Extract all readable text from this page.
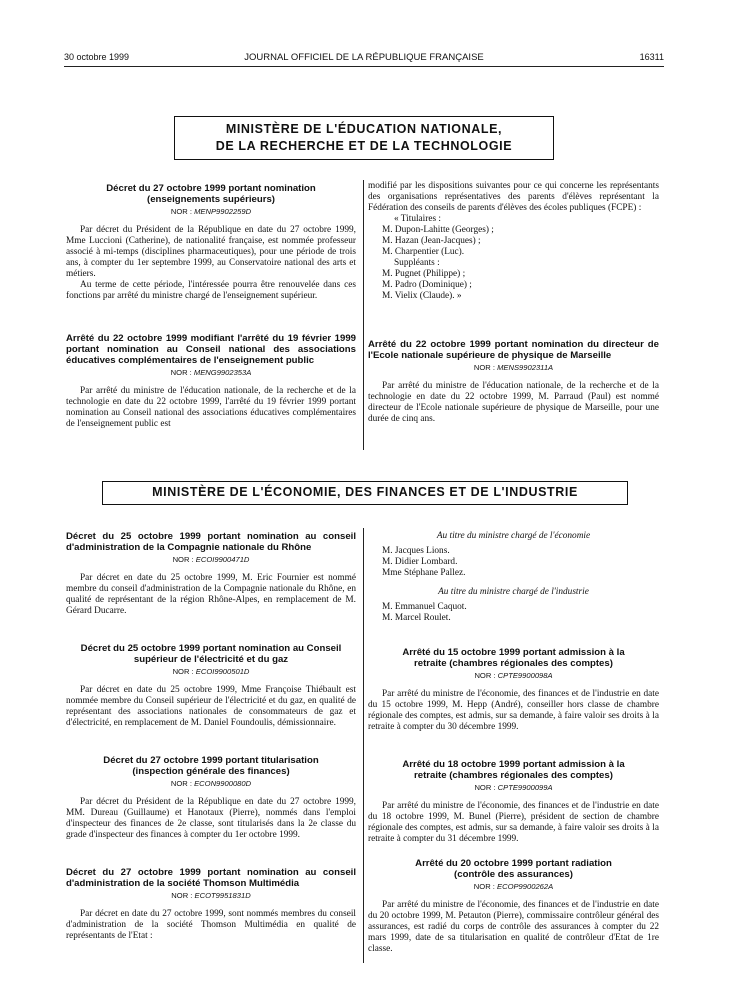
30 octobre 1999	JOURNAL OFFICIEL DE LA RÉPUBLIQUE FRANÇAISE	16311
MINISTÈRE DE L'ÉDUCATION NATIONALE,
DE LA RECHERCHE ET DE LA TECHNOLOGIE
Décret du 27 octobre 1999 portant nomination (enseignements supérieurs)
NOR : MENP9902259D
Par décret du Président de la République en date du 27 octobre 1999, Mme Luccioni (Catherine), de nationalité française, est nommée professeur associé à mi-temps (disciplines pharmaceutiques), pour une période de trois ans, à compter du 1er septembre 1999, au Conservatoire national des arts et métiers.
Au terme de cette période, l'intéressée pourra être renouvelée dans ces fonctions par arrêté du ministre chargé de l'enseignement supérieur.
Arrêté du 22 octobre 1999 modifiant l'arrêté du 19 février 1999 portant nomination au Conseil national des associations éducatives complémentaires de l'enseignement public
NOR : MENG9902353A
Par arrêté du ministre de l'éducation nationale, de la recherche et de la technologie en date du 22 octobre 1999, l'arrêté du 19 février 1999 portant nomination au Conseil national des associations éducatives complémentaires de l'enseignement public est
modifié par les dispositions suivantes pour ce qui concerne les représentants des organisations représentatives des parents d'élèves représentant la Fédération des conseils de parents d'élèves des écoles publiques (FCPE) :
« Titulaires :
M. Dupon-Lahitte (Georges) ;
M. Hazan (Jean-Jacques) ;
M. Charpentier (Luc).
Suppléants :
M. Pugnet (Philippe) ;
M. Padro (Dominique) ;
M. Vielix (Claude). »
Arrêté du 22 octobre 1999 portant nomination du directeur de l'Ecole nationale supérieure de physique de Marseille
NOR : MENS9902311A
Par arrêté du ministre de l'éducation nationale, de la recherche et de la technologie en date du 22 octobre 1999, M. Parraud (Paul) est nommé directeur de l'Ecole nationale supérieure de physique de Marseille, pour une durée de cinq ans.
MINISTÈRE DE L'ÉCONOMIE, DES FINANCES ET DE L'INDUSTRIE
Décret du 25 octobre 1999 portant nomination au conseil d'administration de la Compagnie nationale du Rhône
NOR : ECOI9900471D
Par décret en date du 25 octobre 1999, M. Eric Fournier est nommé membre du conseil d'administration de la Compagnie nationale du Rhône, en qualité de représentant de la région Rhône-Alpes, en remplacement de M. Gérard Ducarre.
Décret du 25 octobre 1999 portant nomination au Conseil supérieur de l'électricité et du gaz
NOR : ECOI9900501D
Par décret en date du 25 octobre 1999, Mme Françoise Thiébault est nommée membre du Conseil supérieur de l'électricité et du gaz, en qualité de représentant des associations nationales de consommateurs de gaz et d'électricité, en remplacement de M. Daniel Foundoulis, démissionnaire.
Décret du 27 octobre 1999 portant titularisation (inspection générale des finances)
NOR : ECON9900080D
Par décret du Président de la République en date du 27 octobre 1999, MM. Dureau (Guillaume) et Hanotaux (Pierre), nommés dans l'emploi d'inspecteur des finances de 2e classe, sont titularisés dans la 2e classe du grade d'inspecteur des finances à compter du 1er octobre 1999.
Décret du 27 octobre 1999 portant nomination au conseil d'administration de la société Thomson Multimédia
NOR : ECOT9951831D
Par décret en date du 27 octobre 1999, sont nommés membres du conseil d'administration de la société Thomson Multimédia en qualité de représentants de l'Etat :
Au titre du ministre chargé de l'économie
M. Jacques Lions.
M. Didier Lombard.
Mme Stéphane Pallez.
Au titre du ministre chargé de l'industrie
M. Emmanuel Caquot.
M. Marcel Roulet.
Arrêté du 15 octobre 1999 portant admission à la retraite (chambres régionales des comptes)
NOR : CPTE9900098A
Par arrêté du ministre de l'économie, des finances et de l'industrie en date du 15 octobre 1999, M. Hepp (André), conseiller hors classe de chambre régionale des comptes, est admis, sur sa demande, à faire valoir ses droits à la retraite à compter du 30 décembre 1999.
Arrêté du 18 octobre 1999 portant admission à la retraite (chambres régionales des comptes)
NOR : CPTE9900099A
Par arrêté du ministre de l'économie, des finances et de l'industrie en date du 18 octobre 1999, M. Bunel (Pierre), président de section de chambre régionale des comptes, est admis, sur sa demande, à faire valoir ses droits à la retraite à compter du 31 décembre 1999.
Arrêté du 20 octobre 1999 portant radiation (contrôle des assurances)
NOR : ECOP9900262A
Par arrêté du ministre de l'économie, des finances et de l'industrie en date du 20 octobre 1999, M. Petauton (Pierre), commissaire contrôleur général des assurances, est radié du corps de contrôle des assurances à compter du 22 mars 1999, date de sa titularisation en qualité de contrôleur d'Etat de 1re classe.
